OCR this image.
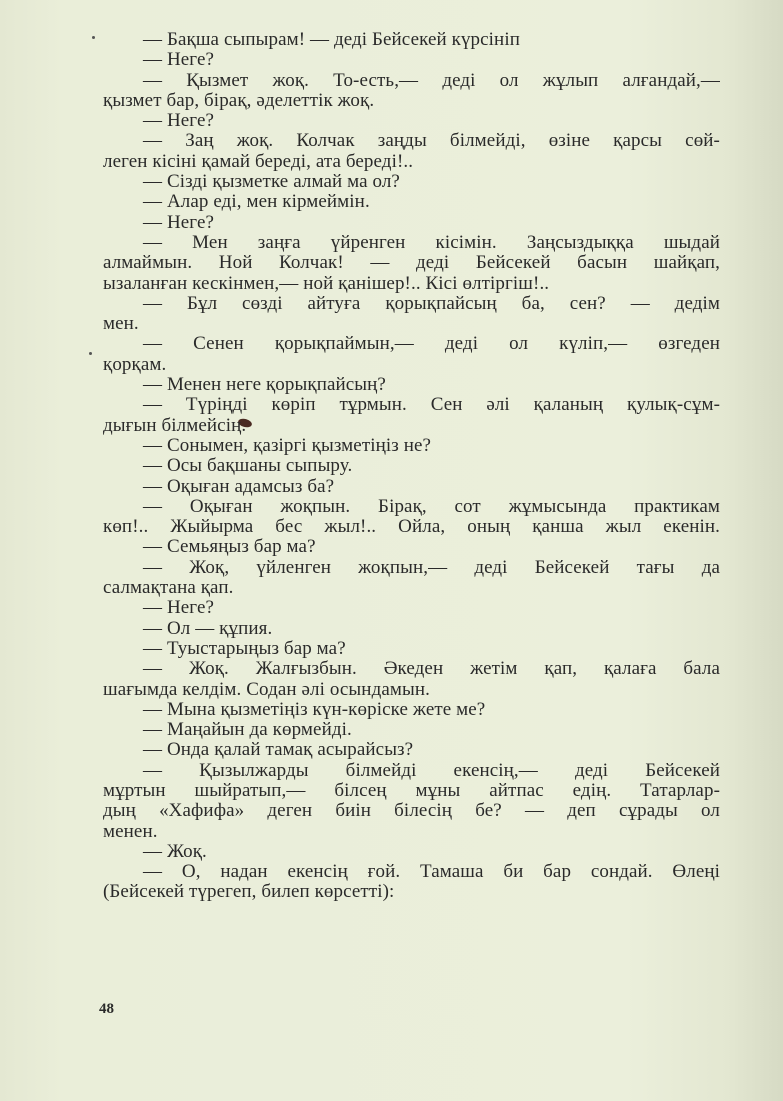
— Бақша сыпырам! — деді Бейсекей күрсініп
— Неге?
— Қызмет жоқ. То-есть,— деді ол жұлып алғандай,—
қызмет бар, бірақ, әделеттік жоқ.
— Неге?
— Заң жоқ. Колчак заңды білмейді, өзіне қарсы сөй-
леген кісіні қамай береді, ата береді!..
— Сізді қызметке алмай ма ол?
— Алар еді, мен кірмеймін.
— Неге?
— Мен заңға үйренген кісімін. Заңсыздыққа шыдай
алмаймын. Ной Колчак! — деді Бейсекей басын шайқап,
ызаланған кескінмен,— ной қанішер!.. Кісі өлтіргіш!..
— Бұл сөзді айтуға қорықпайсың ба, сен? — дедім
мен.
— Сенен қорықпаймын,— деді ол күліп,— өзгеден
қорқам.
— Менен неге қорықпайсың?
— Түріңді көріп тұрмын. Сен әлі қаланың қулық-сұм-
дығын білмейсің.
— Сонымен, қазіргі қызметіңіз не?
— Осы бақшаны сыпыру.
— Оқыған адамсыз ба?
— Оқыған жоқпын. Бірақ, сот жұмысында практикам
көп!.. Жыйырма бес жыл!.. Ойла, оның қанша жыл екенін.
— Семьяңыз бар ма?
— Жоқ, үйленген жоқпын,— деді Бейсекей тағы да
салмақтана қап.
— Неге?
— Ол — құпия.
— Туыстарыңыз бар ма?
— Жоқ. Жалғызбын. Әкеден жетім қап, қалаға бала
шағымда келдім. Содан әлі осындамын.
— Мына қызметіңіз күн-көріске жете ме?
— Маңайын да көрмейді.
— Онда қалай тамақ асырайсыз?
— Қызылжарды білмейді екенсің,— деді Бейсекей
мұртын шыйратып,— білсең мұны айтпас едің. Татарлар-
дың «Хафифа» деген биін білесің бе? — деп сұрады ол
менен.
— Жоқ.
— О, надан екенсің ғой. Тамаша би бар сондай. Өлеңі
(Бейсекей түрегеп, билеп көрсетті):
48
